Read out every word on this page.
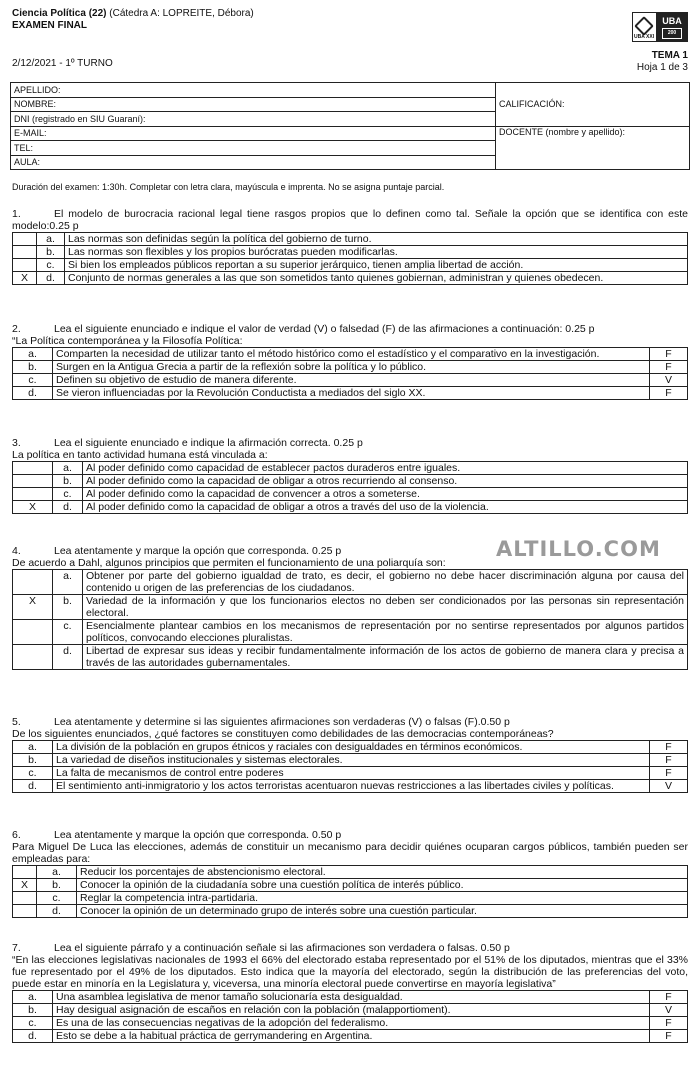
Ciencia Política (22) (Cátedra A: LOPREITE, Débora)
EXAMEN FINAL
UBA XXI
UBA
200
2/12/2021 - 1º TURNO
TEMA 1
Hoja 1 de 3
APELLIDO:	CALIFICACIÓN:
NOMBRE:	
DNI (registrado en SIU Guaraní):	
E-MAIL:	DOCENTE (nombre y apellido):
TEL:	
AULA:	
Duración del examen: 1:30h. Completar con letra clara, mayúscula e imprenta. No se asigna puntaje parcial.
1.	El modelo de burocracia racional legal tiene rasgos propios que lo definen como tal. Señale la opción que se identifica con este modelo:0.25 p
	a.	Las normas son definidas según la política del gobierno de turno.
	b.	Las normas son flexibles y los propios burócratas pueden modificarlas.
	c.	Si bien los empleados públicos reportan a su superior jerárquico, tienen amplia libertad de acción.
X	d.	Conjunto de normas generales a las que son sometidos tanto quienes gobiernan, administran y quienes obedecen.
2.	Lea el siguiente enunciado e indique el valor de verdad (V) o falsedad (F) de las afirmaciones a continuación: 0.25 p
“La Política contemporánea y la Filosofía Política:
a.	Comparten la necesidad de utilizar tanto el método histórico como el estadístico y el comparativo en la investigación.	F
b.	Surgen en la Antigua Grecia a partir de la reflexión sobre la política y lo público.	F
c.	Definen su objetivo de estudio de manera diferente.	V
d.	Se vieron influenciadas por la Revolución Conductista a mediados del siglo XX.	F
3.	Lea el siguiente enunciado e indique la afirmación correcta. 0.25 p
La política en tanto actividad humana está vinculada a:
	a.	Al poder definido como capacidad de establecer pactos duraderos entre iguales.
	b.	Al poder definido como la capacidad de obligar a otros recurriendo al consenso.
	c.	Al poder definido como la capacidad de convencer a otros a someterse.
X	d.	Al poder definido como la capacidad de obligar a otros a través del uso de la violencia.
ALTILLO.COM
4.	Lea atentamente y marque la opción que corresponda. 0.25 p
De acuerdo a Dahl, algunos principios que permiten el funcionamiento de una poliarquía son:
	a.	Obtener por parte del gobierno igualdad de trato, es decir, el gobierno no debe hacer discriminación alguna por causa del contenido u origen de las preferencias de los ciudadanos.
X	b.	Variedad de la información y que los funcionarios electos no deben ser condicionados por las personas sin representación electoral.
	c.	Esencialmente plantear cambios en los mecanismos de representación por no sentirse representados por algunos partidos políticos, convocando elecciones pluralistas.
	d.	Libertad de expresar sus ideas y recibir fundamentalmente información de los actos de gobierno de manera clara y precisa a través de las autoridades gubernamentales.
5.	Lea atentamente y determine si las siguientes afirmaciones son verdaderas (V) o falsas (F).0.50 p
De los siguientes enunciados, ¿qué factores se constituyen como debilidades de las democracias contemporáneas?
a.	La división de la población en grupos étnicos y raciales con desigualdades en términos económicos.	F
b.	La variedad de diseños institucionales y sistemas electorales.	F
c.	La falta de mecanismos de control entre poderes	F
d.	El sentimiento anti-inmigratorio y los actos terroristas acentuaron nuevas restricciones a las libertades civiles y políticas.	V
6.	Lea atentamente y marque la opción que corresponda. 0.50 p
Para Miguel De Luca las elecciones, además de constituir un mecanismo para decidir quiénes ocuparan cargos públicos, también pueden ser empleadas para:
	a.	Reducir los porcentajes de abstencionismo electoral.
X	b.	Conocer la opinión de la ciudadanía sobre una cuestión política de interés público.
	c.	Reglar la competencia intra-partidaria.
	d.	Conocer la opinión de un determinado grupo de interés sobre una cuestión particular.
7.	Lea el siguiente párrafo y a continuación señale si las afirmaciones son verdadera o falsas. 0.50 p
“En las elecciones legislativas nacionales de 1993 el 66% del electorado estaba representado por el 51% de los diputados, mientras que el 33% fue representado por el 49% de los diputados. Esto indica que la mayoría del electorado, según la distribución de las preferencias del voto, puede estar en minoría en la Legislatura y, viceversa, una minoría electoral puede convertirse en mayoría legislativa”
a.	Una asamblea legislativa de menor tamaño solucionaría esta desigualdad.	F
b.	Hay desigual asignación de escaños en relación con la población (malapportioment).	V
c.	Es una de las consecuencias negativas de la adopción del federalismo.	F
d.	Esto se debe a la habitual práctica de gerrymandering en Argentina.	F
